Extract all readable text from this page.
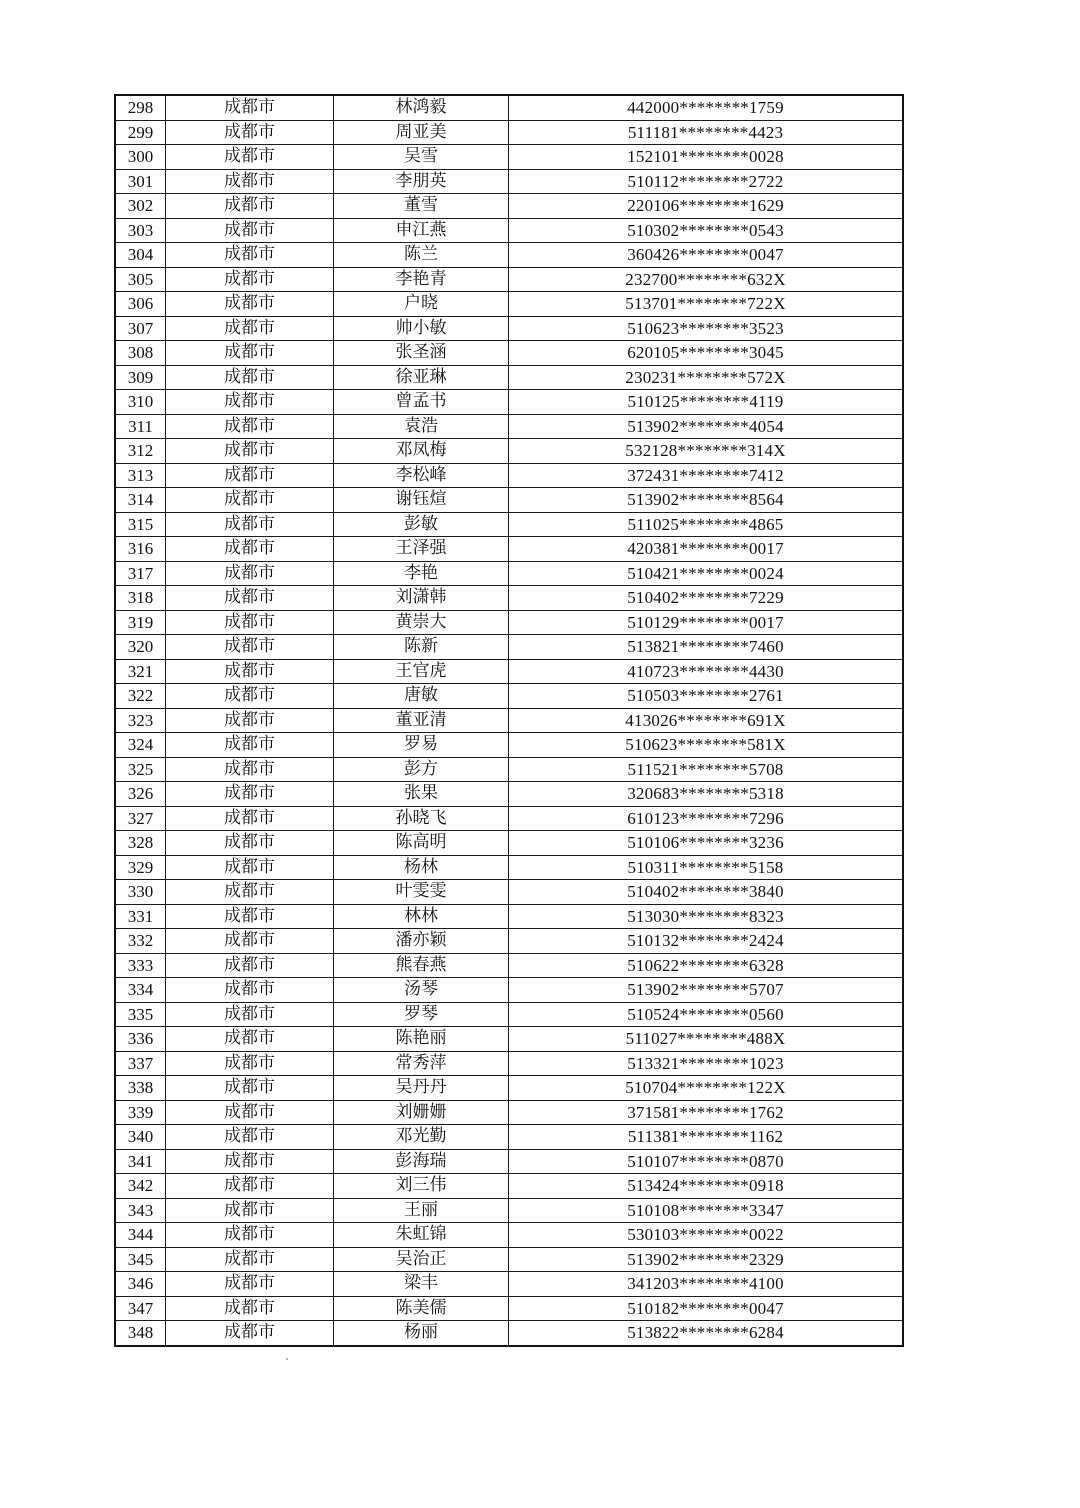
298	成都市	林鸿毅	442000********1759
299	成都市	周亚美	511181********4423
300	成都市	吴雪	152101********0028
301	成都市	李朋英	510112********2722
302	成都市	董雪	220106********1629
303	成都市	申江燕	510302********0543
304	成都市	陈兰	360426********0047
305	成都市	李艳青	232700********632X
306	成都市	户晓	513701********722X
307	成都市	帅小敏	510623********3523
308	成都市	张圣涵	620105********3045
309	成都市	徐亚琳	230231********572X
310	成都市	曾孟书	510125********4119
311	成都市	袁浩	513902********4054
312	成都市	邓凤梅	532128********314X
313	成都市	李松峰	372431********7412
314	成都市	谢钰煊	513902********8564
315	成都市	彭敏	511025********4865
316	成都市	王泽强	420381********0017
317	成都市	李艳	510421********0024
318	成都市	刘潇韩	510402********7229
319	成都市	黄崇大	510129********0017
320	成都市	陈新	513821********7460
321	成都市	王官虎	410723********4430
322	成都市	唐敏	510503********2761
323	成都市	董亚清	413026********691X
324	成都市	罗易	510623********581X
325	成都市	彭方	511521********5708
326	成都市	张果	320683********5318
327	成都市	孙晓飞	610123********7296
328	成都市	陈高明	510106********3236
329	成都市	杨林	510311********5158
330	成都市	叶雯雯	510402********3840
331	成都市	林林	513030********8323
332	成都市	潘亦颖	510132********2424
333	成都市	熊春燕	510622********6328
334	成都市	汤琴	513902********5707
335	成都市	罗琴	510524********0560
336	成都市	陈艳丽	511027********488X
337	成都市	常秀萍	513321********1023
338	成都市	吴丹丹	510704********122X
339	成都市	刘姗姗	371581********1762
340	成都市	邓光勤	511381********1162
341	成都市	彭海瑞	510107********0870
342	成都市	刘三伟	513424********0918
343	成都市	王丽	510108********3347
344	成都市	朱虹锦	530103********0022
345	成都市	吴治正	513902********2329
346	成都市	梁丰	341203********4100
347	成都市	陈美儒	510182********0047
348	成都市	杨丽	513822********6284
